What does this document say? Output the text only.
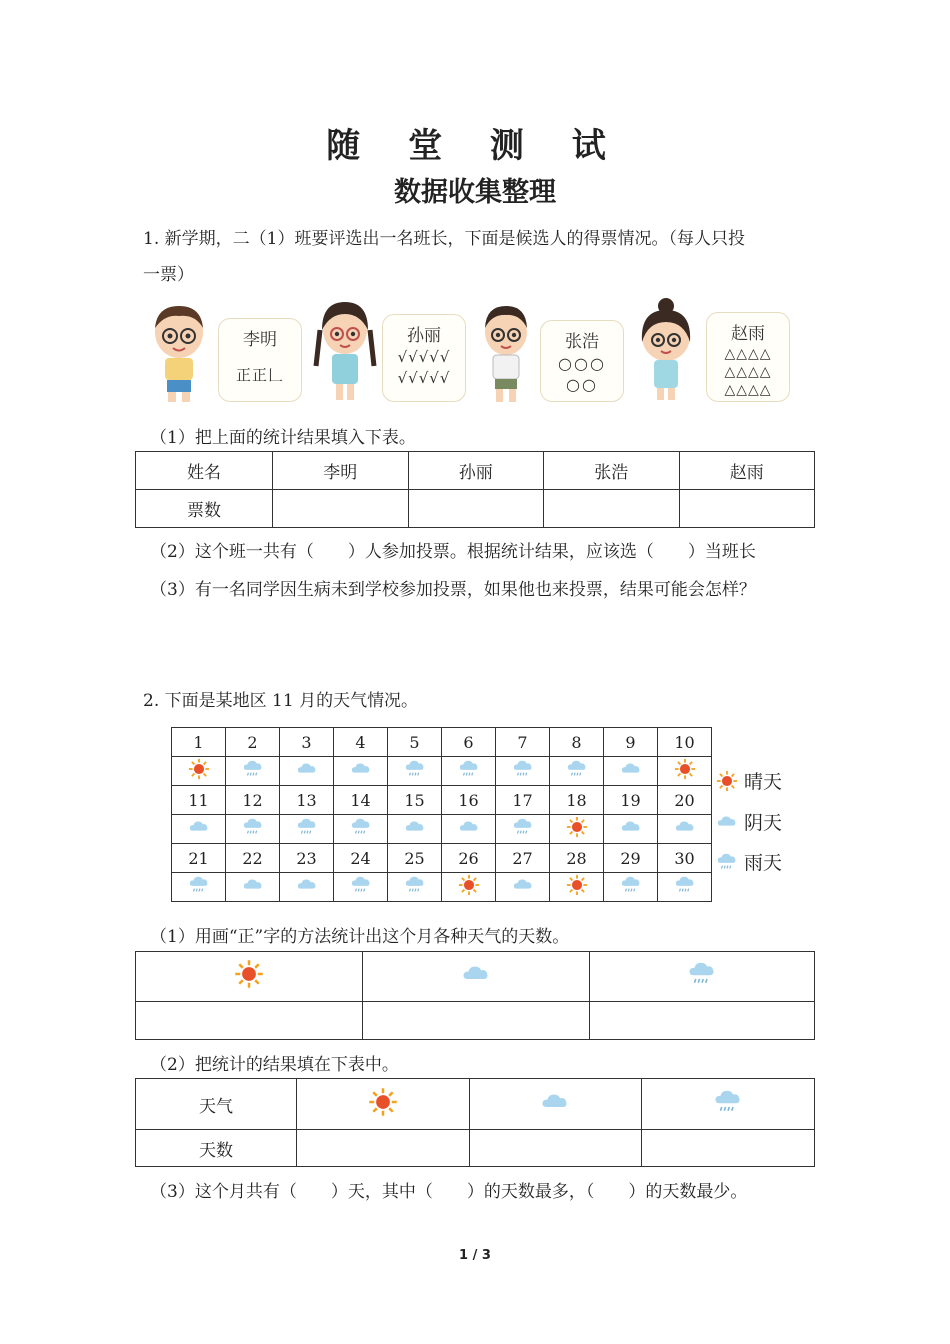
随 堂 测 试
数据收集整理
1. 新学期，二（1）班要评选出一名班长，下面是候选人的得票情况。（每人只投
一票）
李明
正正𠃊
孙丽
√√√√√ √√√√√
张浩
○○○ ○○
赵雨
△△△△ △△△△ △△△△
（1）把上面的统计结果填入下表。
姓名	李明	孙丽	张浩	赵雨
票数				
（2）这个班一共有（　　）人参加投票。根据统计结果，应该选（　　）当班长
（3）有一名同学因生病未到学校参加投票，如果他也来投票，结果可能会怎样？
2. 下面是某地区 11 月的天气情况。
1	2	3	4	5	6	7	8	9	10

11	12	13	14	15	16	17	18	19	20

21	22	23	24	25	26	27	28	29	30

晴天
阴天
雨天
（1）用画“正”字的方法统计出这个月各种天气的天数。

（2）把统计的结果填在下表中。
天气			
天数			
（3）这个月共有（　　）天，其中（　　）的天数最多，（　　）的天数最少。
1 / 3
